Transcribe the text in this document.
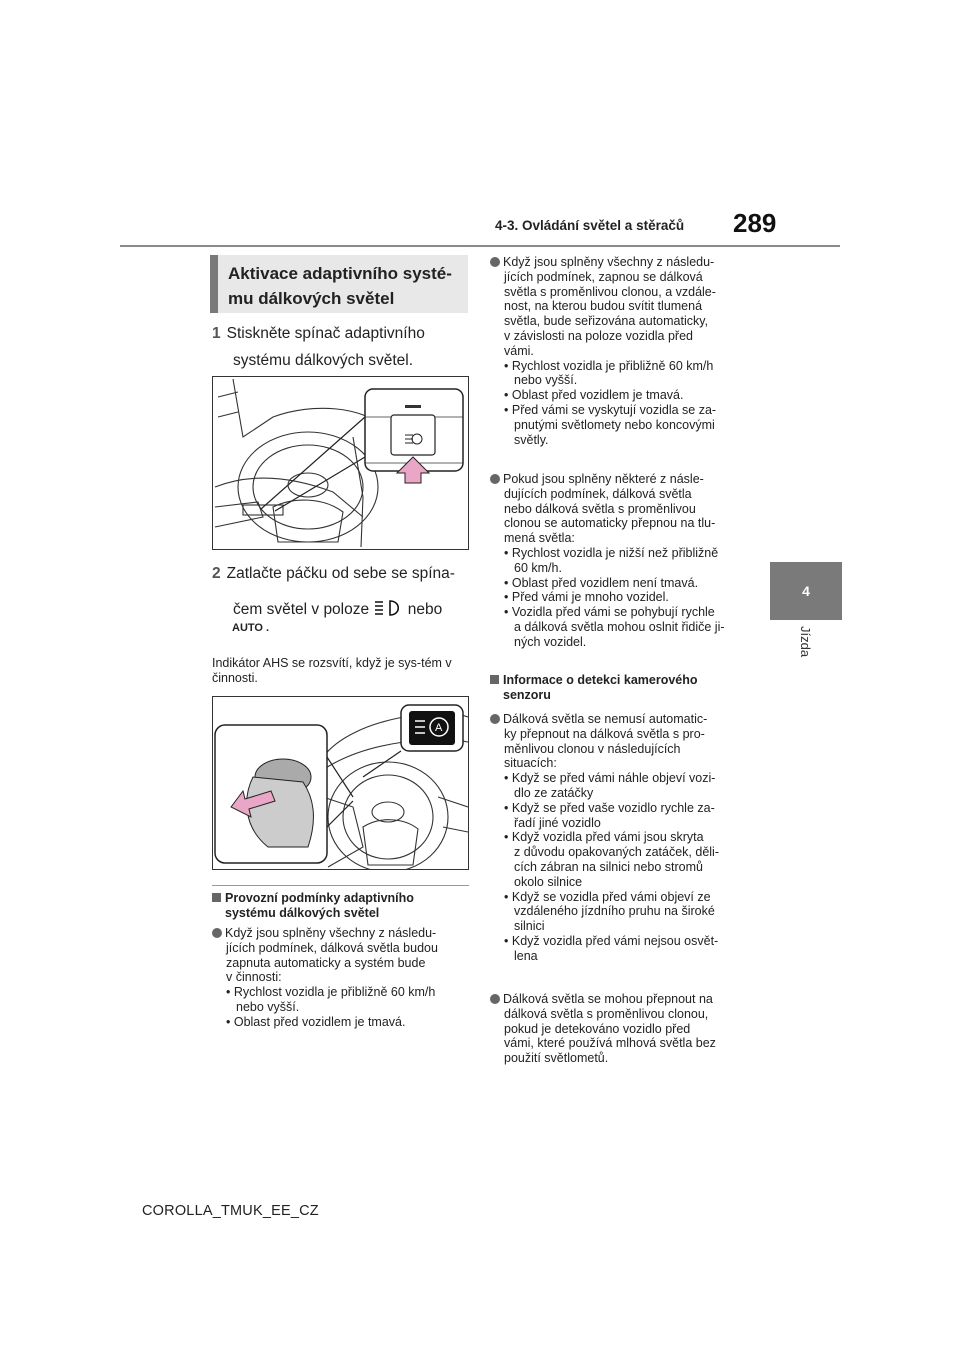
4-3. Ovládání světel a stěračů 289
4
Jízda
Aktivace adaptivního systé-
mu dálkových světel
1 Stiskněte spínač adaptivního
systému dálkových světel.
2 Zatlačte páčku od sebe se spína-
čem světel v poloze nebo
AUTO .
Indikátor AHS se rozsvítí, když je sys-tém v činnosti.
A
Provozní podmínky adaptivního
systému dálkových světel
Když jsou splněny všechny z následu-
jících podmínek, dálková světla budou
zapnuta automaticky a systém bude
v činnosti:
• Rychlost vozidla je přibližně 60 km/h
nebo vyšší.
• Oblast před vozidlem je tmavá.
Když jsou splněny všechny z následu-
jících podmínek, zapnou se dálková
světla s proměnlivou clonou, a vzdále-
nost, na kterou budou svítit tlumená
světla, bude seřizována automaticky,
v závislosti na poloze vozidla před
vámi.
• Rychlost vozidla je přibližně 60 km/h
nebo vyšší.
• Oblast před vozidlem je tmavá.
• Před vámi se vyskytují vozidla se za-
pnutými světlomety nebo koncovými
světly.
Pokud jsou splněny některé z násle-
dujících podmínek, dálková světla
nebo dálková světla s proměnlivou
clonou se automaticky přepnou na tlu-
mená světla:
• Rychlost vozidla je nižší než přibližně
60 km/h.
• Oblast před vozidlem není tmavá.
• Před vámi je mnoho vozidel.
• Vozidla před vámi se pohybují rychle
a dálková světla mohou oslnit řidiče ji-
ných vozidel.
Informace o detekci kamerového
senzoru
Dálková světla se nemusí automatic-
ky přepnout na dálková světla s pro-
měnlivou clonou v následujících
situacích:
• Když se před vámi náhle objeví vozi-
dlo ze zatáčky
• Když se před vaše vozidlo rychle za-
řadí jiné vozidlo
• Když vozidla před vámi jsou skryta
z důvodu opakovaných zatáček, děli-
cích zábran na silnici nebo stromů
okolo silnice
• Když se vozidla před vámi objeví ze
vzdáleného jízdního pruhu na široké
silnici
• Když vozidla před vámi nejsou osvět-
lena
Dálková světla se mohou přepnout na
dálková světla s proměnlivou clonou,
pokud je detekováno vozidlo před
vámi, které používá mlhová světla bez
použití světlometů.
COROLLA_TMUK_EE_CZ
